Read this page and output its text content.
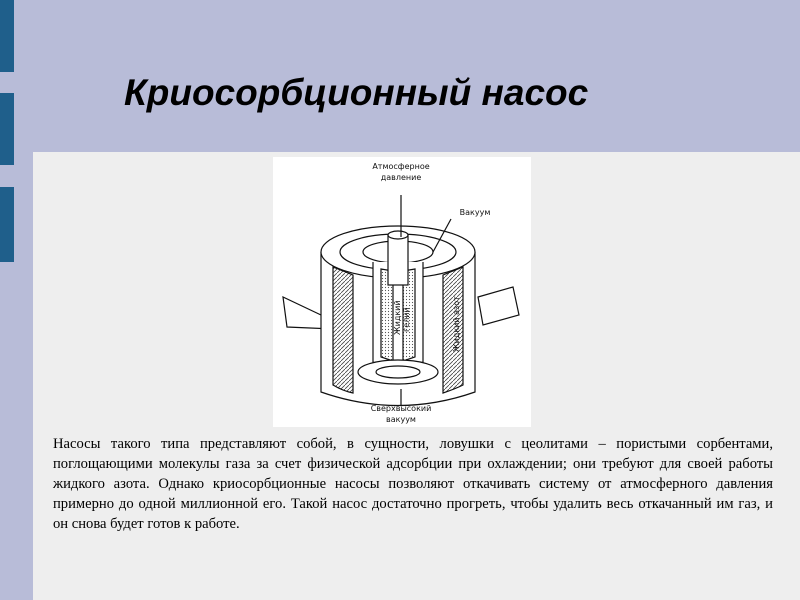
Криосорбционный насос
Атмосферное
давление
Вакуум
Жидкий азот
Жидкий гелий
Сверхвысокий
вакуум

Насосы такого типа представляют собой, в сущности, ловушки с цеолитами – пористыми сорбентами, поглощающими молекулы газа за счет физической адсорбции при охлаждении; они требуют для своей работы жидкого азота. Однако криосорбционные насосы позволяют откачивать систему от атмосферного давления примерно до одной миллионной его. Такой насос достаточно прогреть, чтобы удалить весь откачанный им газ, и он снова будет готов к работе.
